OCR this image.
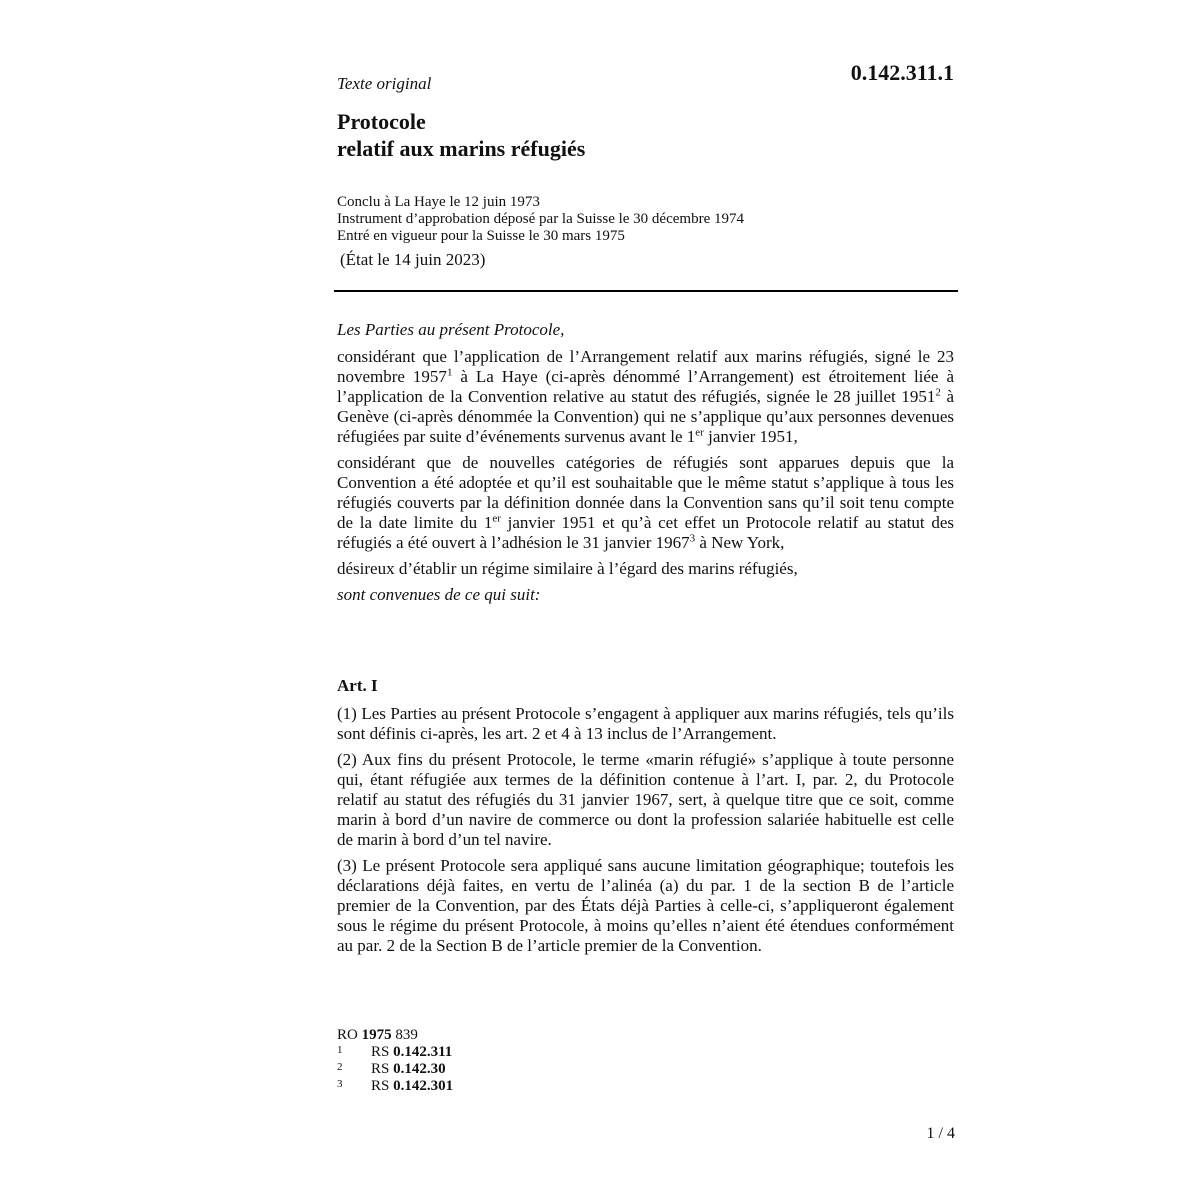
Texte original	0.142.311.1
Protocole
relatif aux marins réfugiés
Conclu à La Haye le 12 juin 1973
Instrument d’approbation déposé par la Suisse le 30 décembre 1974
Entré en vigueur pour la Suisse le 30 mars 1975
(État le 14 juin 2023)
Les Parties au présent Protocole,

considérant que l’application de l’Arrangement relatif aux marins réfugiés, signé le 23 novembre 1957$^1$ à La Haye (ci-après dénommé l’Arrangement) est étroitement liée à l’application de la Convention relative au statut des réfugiés, signée le 28 juillet 1951$^2$ à Genève (ci-après dénommée la Convention) qui ne s’applique qu’aux personnes devenues réfugiées par suite d’événements survenus avant le 1er janvier 1951,

considérant que de nouvelles catégories de réfugiés sont apparues depuis que la Convention a été adoptée et qu’il est souhaitable que le même statut s’applique à tous les réfugiés couverts par la définition donnée dans la Convention sans qu’il soit tenu compte de la date limite du 1er janvier 1951 et qu’à cet effet un Protocole relatif au statut des réfugiés a été ouvert à l’adhésion le 31 janvier 1967$^3$ à New York,

désireux d’établir un régime similaire à l’égard des marins réfugiés,

sont convenues de ce qui suit:

Art. I

(1) Les Parties au présent Protocole s’engagent à appliquer aux marins réfugiés, tels qu’ils sont définis ci-après, les art. 2 et 4 à 13 inclus de l’Arrangement.

(2) Aux fins du présent Protocole, le terme «marin réfugié» s’applique à toute personne qui, étant réfugiée aux termes de la définition contenue à l’art. I, par. 2, du Protocole relatif au statut des réfugiés du 31 janvier 1967, sert, à quelque titre que ce soit, comme marin à bord d’un navire de commerce ou dont la profession salariée habituelle est celle de marin à bord d’un tel navire.

(3) Le présent Protocole sera appliqué sans aucune limitation géographique; toutefois les déclarations déjà faites, en vertu de l’alinéa (a) du par. 1 de la section B de l’article premier de la Convention, par des États déjà Parties à celle-ci, s’appliqueront également sous le régime du présent Protocole, à moins qu’elles n’aient été étendues conformément au par. 2 de la Section B de l’article premier de la Convention.

RO 1975 839
1	RS 0.142.311
2	RS 0.142.30
3	RS 0.142.301
1 / 4
